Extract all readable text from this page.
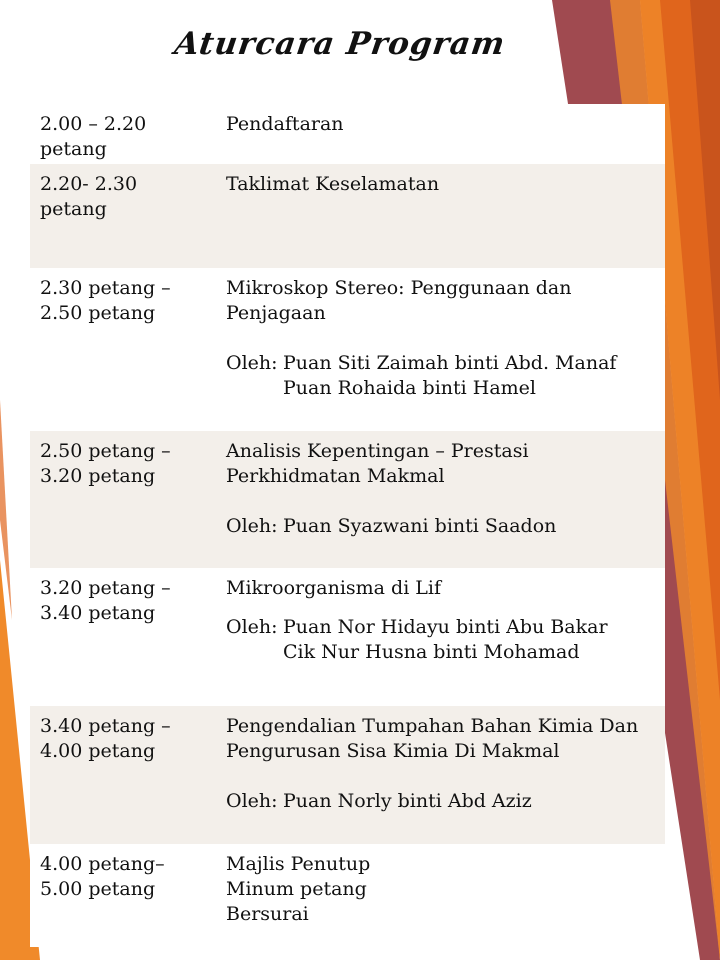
Aturcara Program
2.00 – 2.20
petang
Pendaftaran
2.20- 2.30
petang
Taklimat Keselamatan
2.30 petang –
2.50 petang
Mikroskop Stereo: Penggunaan dan
Penjagaan
Oleh: Puan Siti Zaimah binti Abd. Manaf
Puan Rohaida binti Hamel
2.50 petang –
3.20 petang
Analisis Kepentingan – Prestasi
Perkhidmatan Makmal
Oleh: Puan Syazwani binti Saadon
3.20 petang –
3.40 petang
Mikroorganisma di Lif
Oleh: Puan Nor Hidayu binti Abu Bakar
Cik Nur Husna binti Mohamad
3.40 petang –
4.00 petang
Pengendalian Tumpahan Bahan Kimia Dan
Pengurusan Sisa Kimia Di Makmal
Oleh: Puan Norly binti Abd Aziz
4.00 petang–
5.00 petang
Majlis Penutup
Minum petang
Bersurai
